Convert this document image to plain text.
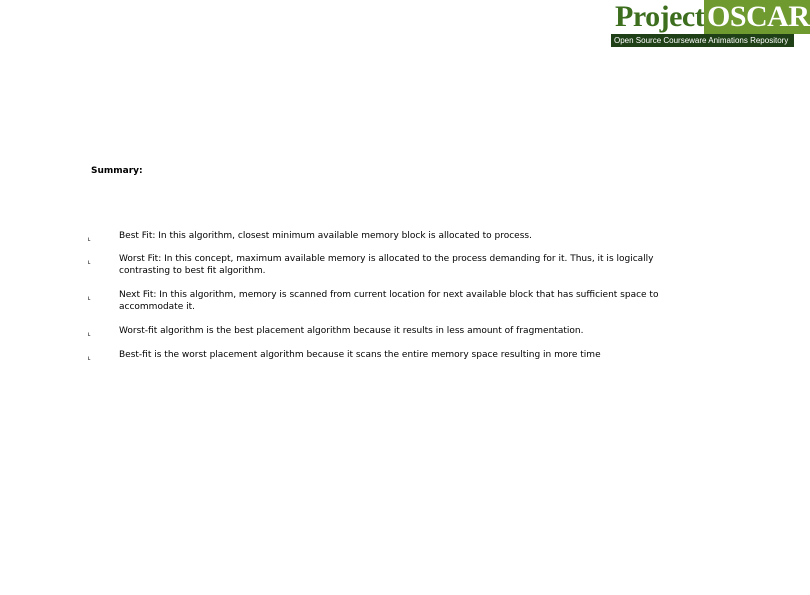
Project OSCAR
Open Source Courseware Animations Repository
Summary:
˪	Best Fit: In this algorithm, closest minimum available memory block is allocated to process.
˪	Worst Fit: In this concept, maximum available memory is allocated to the process demanding for it. Thus, it is logically contrasting to best fit algorithm.
˪	Next Fit: In this algorithm, memory is scanned from current location for next available block that has sufficient space to accommodate it.
˪	Worst-fit algorithm is the best placement algorithm because it results in less amount of fragmentation.
˪	Best-fit is the worst placement algorithm because it scans the entire memory space resulting in more time
